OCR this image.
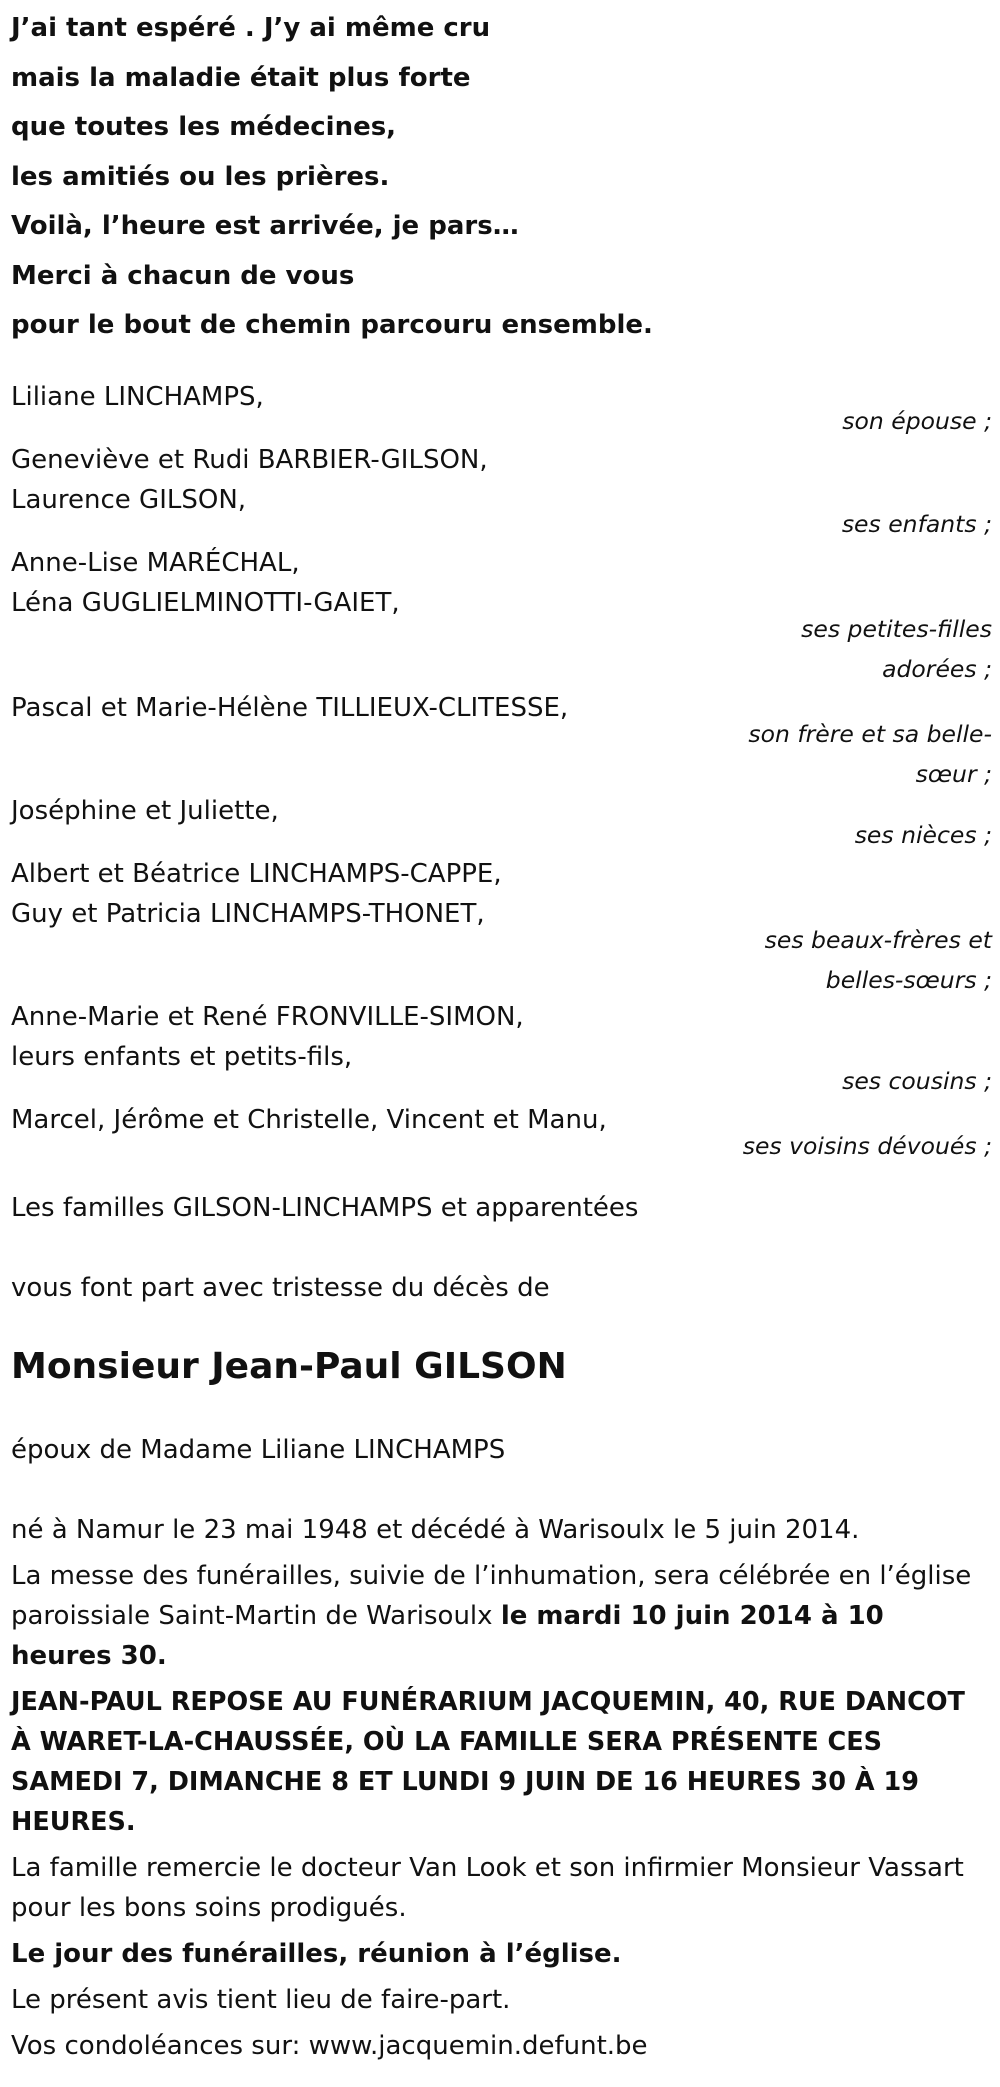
J’ai tant espéré . J’y ai même cru

mais la maladie était plus forte

que toutes les médecines,

les amitiés ou les prières.

Voilà, l’heure est arrivée, je pars…

Merci à chacun de vous

pour le bout de chemin parcouru ensemble.

Liliane LINCHAMPS,
son épouse ;
Geneviève et Rudi BARBIER-GILSON,
Laurence GILSON,
ses enfants ;
Anne-Lise MARÉCHAL,
Léna GUGLIELMINOTTI-GAIET,
ses petites-filles adorées ;
Pascal et Marie-Hélène TILLIEUX-CLITESSE,
son frère et sa belle-sœur ;
Joséphine et Juliette,
ses nièces ;
Albert et Béatrice LINCHAMPS-CAPPE,
Guy et Patricia LINCHAMPS-THONET,
ses beaux-frères et belles-sœurs ;
Anne-Marie et René FRONVILLE-SIMON,
leurs enfants et petits-fils,
ses cousins ;
Marcel, Jérôme et Christelle, Vincent et Manu,
ses voisins dévoués ;

Les familles GILSON-LINCHAMPS et apparentées

vous font part avec tristesse du décès de

Monsieur Jean-Paul GILSON

époux de Madame Liliane LINCHAMPS

né à Namur le 23 mai 1948 et décédé à Warisoulx le 5 juin 2014.

La messe des funérailles, suivie de l’inhumation, sera célébrée en l’église paroissiale Saint-Martin de Warisoulx le mardi 10 juin 2014 à 10 heures 30.

JEAN-PAUL REPOSE AU FUNÉRARIUM JACQUEMIN, 40, RUE DANCOT À WARET-LA-CHAUSSÉE, OÙ LA FAMILLE SERA PRÉSENTE CES SAMEDI 7, DIMANCHE 8 ET LUNDI 9 JUIN DE 16 HEURES 30 À 19 HEURES.

La famille remercie le docteur Van Look et son infirmier Monsieur Vassart pour les bons soins prodigués.

Le jour des funérailles, réunion à l’église.

Le présent avis tient lieu de faire-part.

Vos condoléances sur: www.jacquemin.defunt.be
